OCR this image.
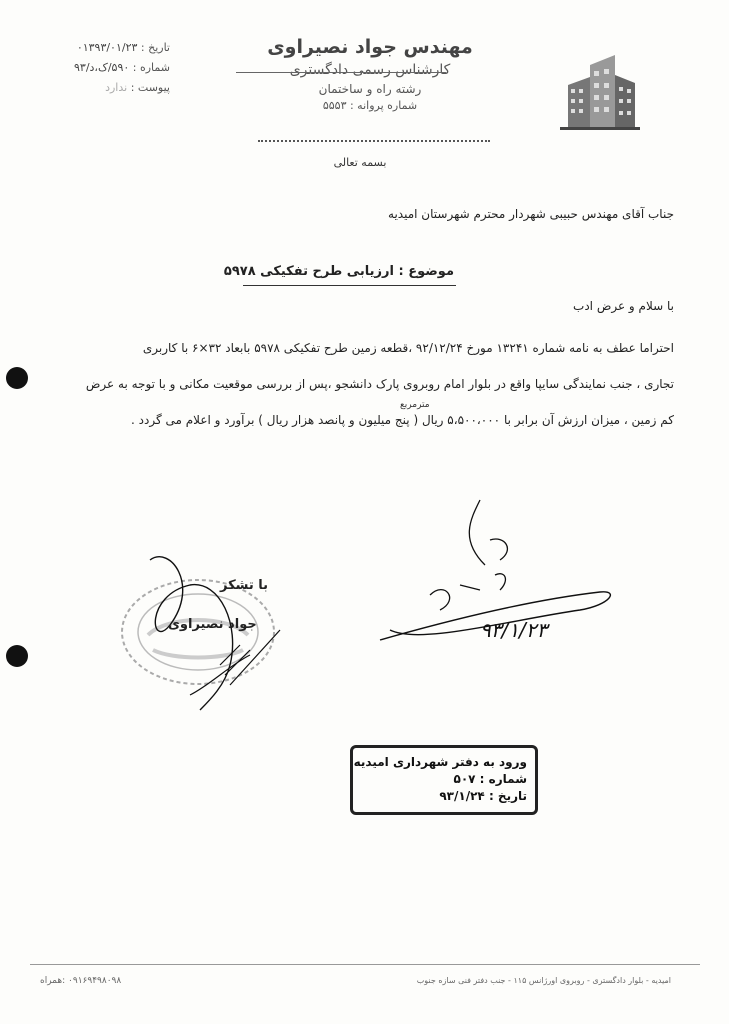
تاریخ : ۰۱۳۹۳/۰۱/۲۳
شماره : ۵۹۰/ک،د/۹۳
پیوست : ندارد
مهندس جواد نصیراوی
کارشناس رسمی دادگستری
رشته راه و ساختمان
شماره پروانه : ۵۵۵۳
بسمه تعالی
جناب آقای مهندس حبیبی شهردار محترم شهرستان امیدیه
موضوع : ارزیابی طرح تفکیکی ۵۹۷۸
با سلام و عرض ادب
احتراما عطف به نامه شماره ۱۳۲۴۱ مورخ ۹۲/۱۲/۲۴ ،قطعه زمین طرح تفکیکی ۵۹۷۸ بابعاد ۳۲×۶ با کاربری
تجاری ، جنب نمایندگی سایپا واقع در بلوار امام روبروی پارک دانشجو ،پس از بررسی موقعیت مکانی و با توجه به عرض
کم زمین ، میزان ارزش آن برابر با ۵،۵۰۰،۰۰۰ ریال ( پنج میلیون و پانصد هزار ریال ) برآورد و اعلام می گردد .
مترمربع
با تشکر
جواد نصیراوی	۹۳/۱/۲۳
ورود به دفتر شهرداری امیدیه
شماره : ۵۰۷
تاریخ : ۹۳/۱/۲۴
امیدیه - بلوار دادگستری - روبروی اورژانس ۱۱۵ - جنب دفتر فنی سازه جنوب
۰۹۱۶۹۴۹۸۰۹۸ :همراه
